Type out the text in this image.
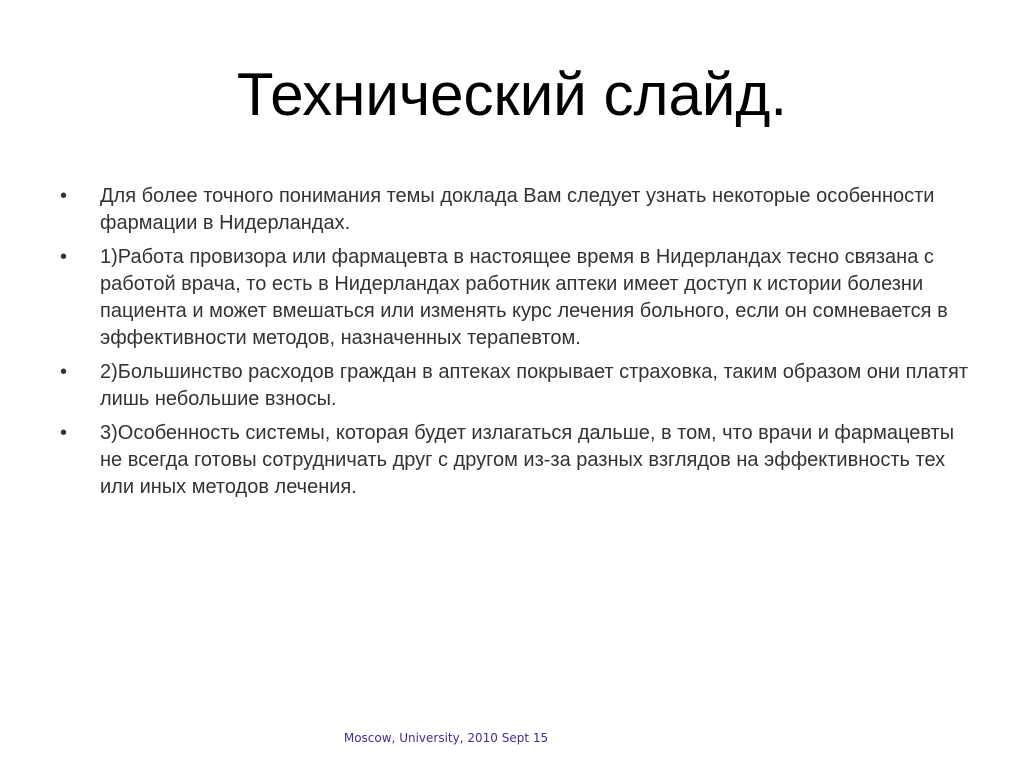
Технический слайд.
• Для более точного понимания темы доклада Вам следует узнать некоторые особенности фармации в Нидерландах.
• 1)Работа провизора или фармацевта в настоящее время в Нидерландах тесно связана с работой врача, то есть в Нидерландах работник аптеки имеет доступ к истории болезни пациента и может вмешаться или изменять курс лечения больного, если он сомневается в эффективности методов, назначенных терапевтом.
• 2)Большинство расходов граждан в аптеках покрывает страховка, таким образом они платят лишь небольшие взносы.
• 3)Особенность системы, которая будет излагаться дальше, в том, что врачи и фармацевты не всегда готовы сотрудничать друг с другом из-за разных взглядов на эффективность тех или иных методов лечения.
Moscow, University, 2010 Sept 15
